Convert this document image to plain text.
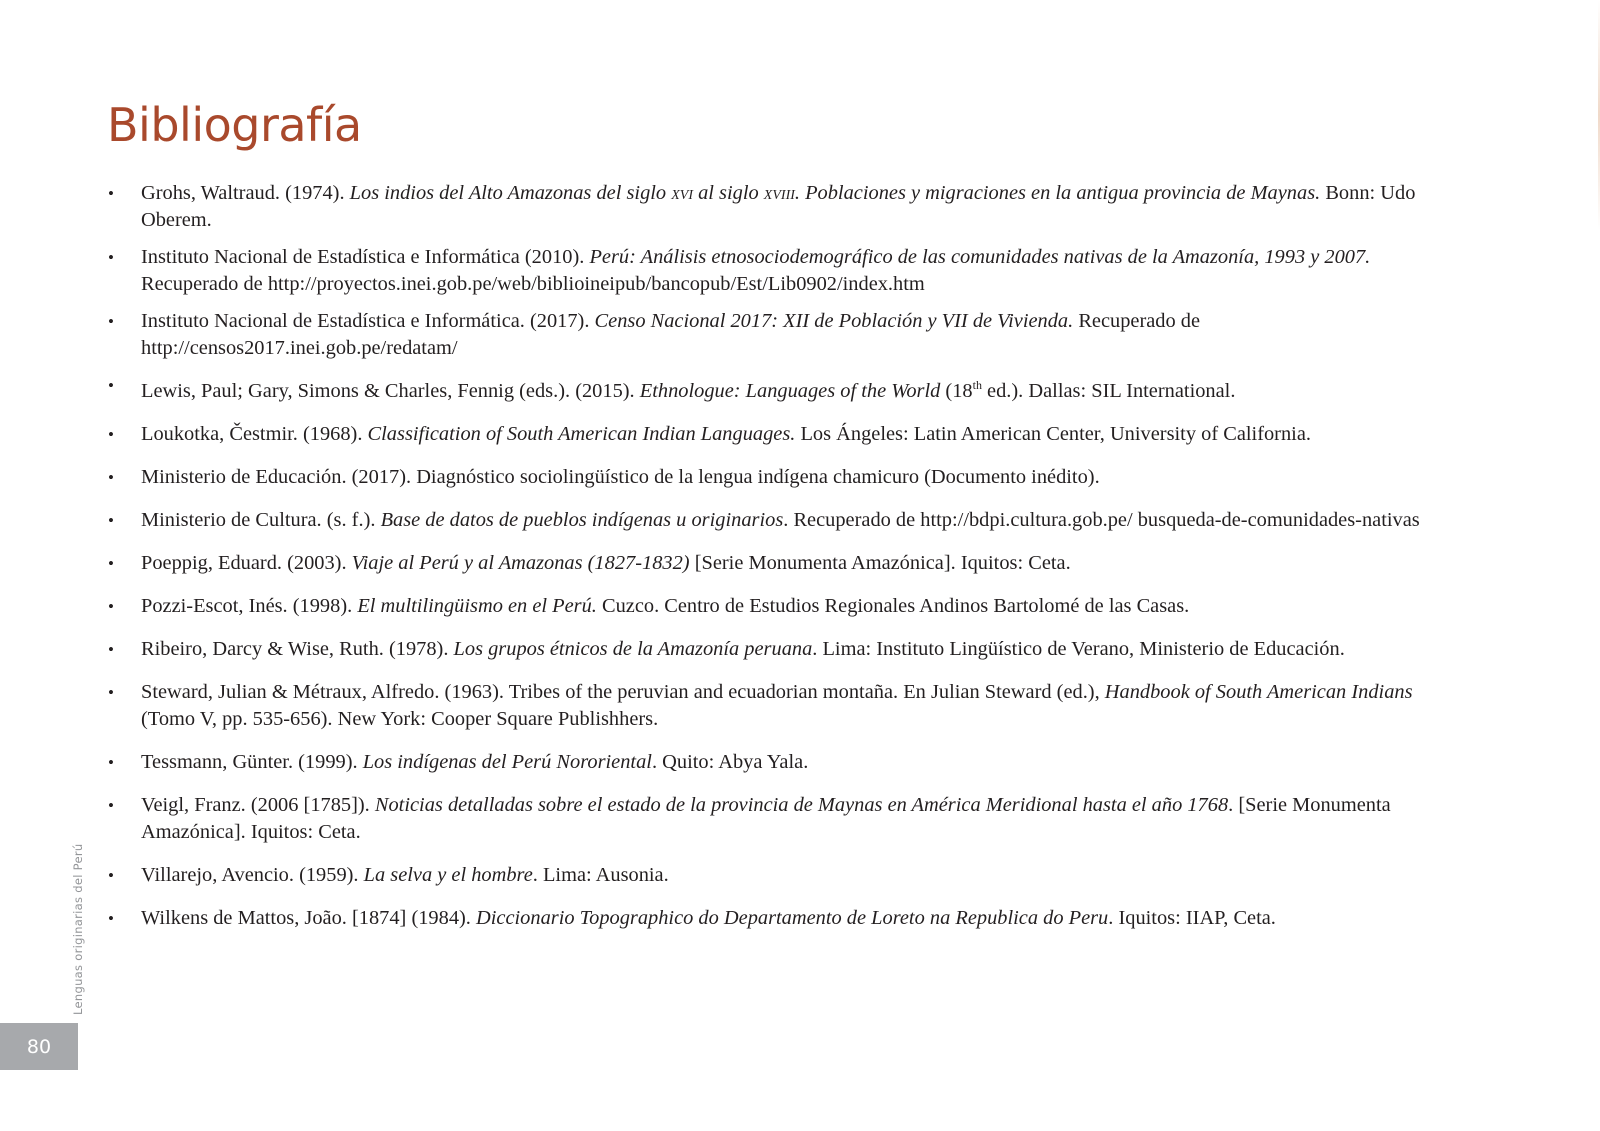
Bibliografía
• Grohs, Waltraud. (1974). Los indios del Alto Amazonas del siglo xvi al siglo xviii. Poblaciones y migraciones en la antigua provincia de Maynas. Bonn: Udo Oberem.
• Instituto Nacional de Estadística e Informática (2010). Perú: Análisis etnosociodemográfico de las comunidades nativas de la Amazonía, 1993 y 2007. Recuperado de http://proyectos.inei.gob.pe/web/biblioineipub/bancopub/Est/Lib0902/index.htm
• Instituto Nacional de Estadística e Informática. (2017). Censo Nacional 2017: XII de Población y VII de Vivienda. Recuperado de http://censos2017.inei.gob.pe/redatam/
• Lewis, Paul; Gary, Simons & Charles, Fennig (eds.). (2015). Ethnologue: Languages of the World (18th ed.). Dallas: SIL International.
• Loukotka, Čestmir. (1968). Classification of South American Indian Languages. Los Ángeles: Latin American Center, University of California.
• Ministerio de Educación. (2017). Diagnóstico sociolingüístico de la lengua indígena chamicuro (Documento inédito).
• Ministerio de Cultura. (s. f.). Base de datos de pueblos indígenas u originarios. Recuperado de http://bdpi.cultura.gob.pe/ busqueda-de-comunidades-nativas
• Poeppig, Eduard. (2003). Viaje al Perú y al Amazonas (1827-1832) [Serie Monumenta Amazónica]. Iquitos: Ceta.
• Pozzi-Escot, Inés. (1998). El multilingüismo en el Perú. Cuzco. Centro de Estudios Regionales Andinos Bartolomé de las Casas.
• Ribeiro, Darcy & Wise, Ruth. (1978). Los grupos étnicos de la Amazonía peruana. Lima: Instituto Lingüístico de Verano, Ministerio de Educación.
• Steward, Julian & Métraux, Alfredo. (1963). Tribes of the peruvian and ecuadorian montaña. En Julian Steward (ed.), Handbook of South American Indians (Tomo V, pp. 535-656). New York: Cooper Square Publishhers.
• Tessmann, Günter. (1999). Los indígenas del Perú Nororiental. Quito: Abya Yala.
• Veigl, Franz. (2006 [1785]). Noticias detalladas sobre el estado de la provincia de Maynas en América Meridional hasta el año 1768. [Serie Monumenta Amazónica]. Iquitos: Ceta.
• Villarejo, Avencio. (1959). La selva y el hombre. Lima: Ausonia.
• Wilkens de Mattos, João. [1874] (1984). Diccionario Topographico do Departamento de Loreto na Republica do Peru. Iquitos: IIAP, Ceta.
Lenguas originarias del Perú
80
